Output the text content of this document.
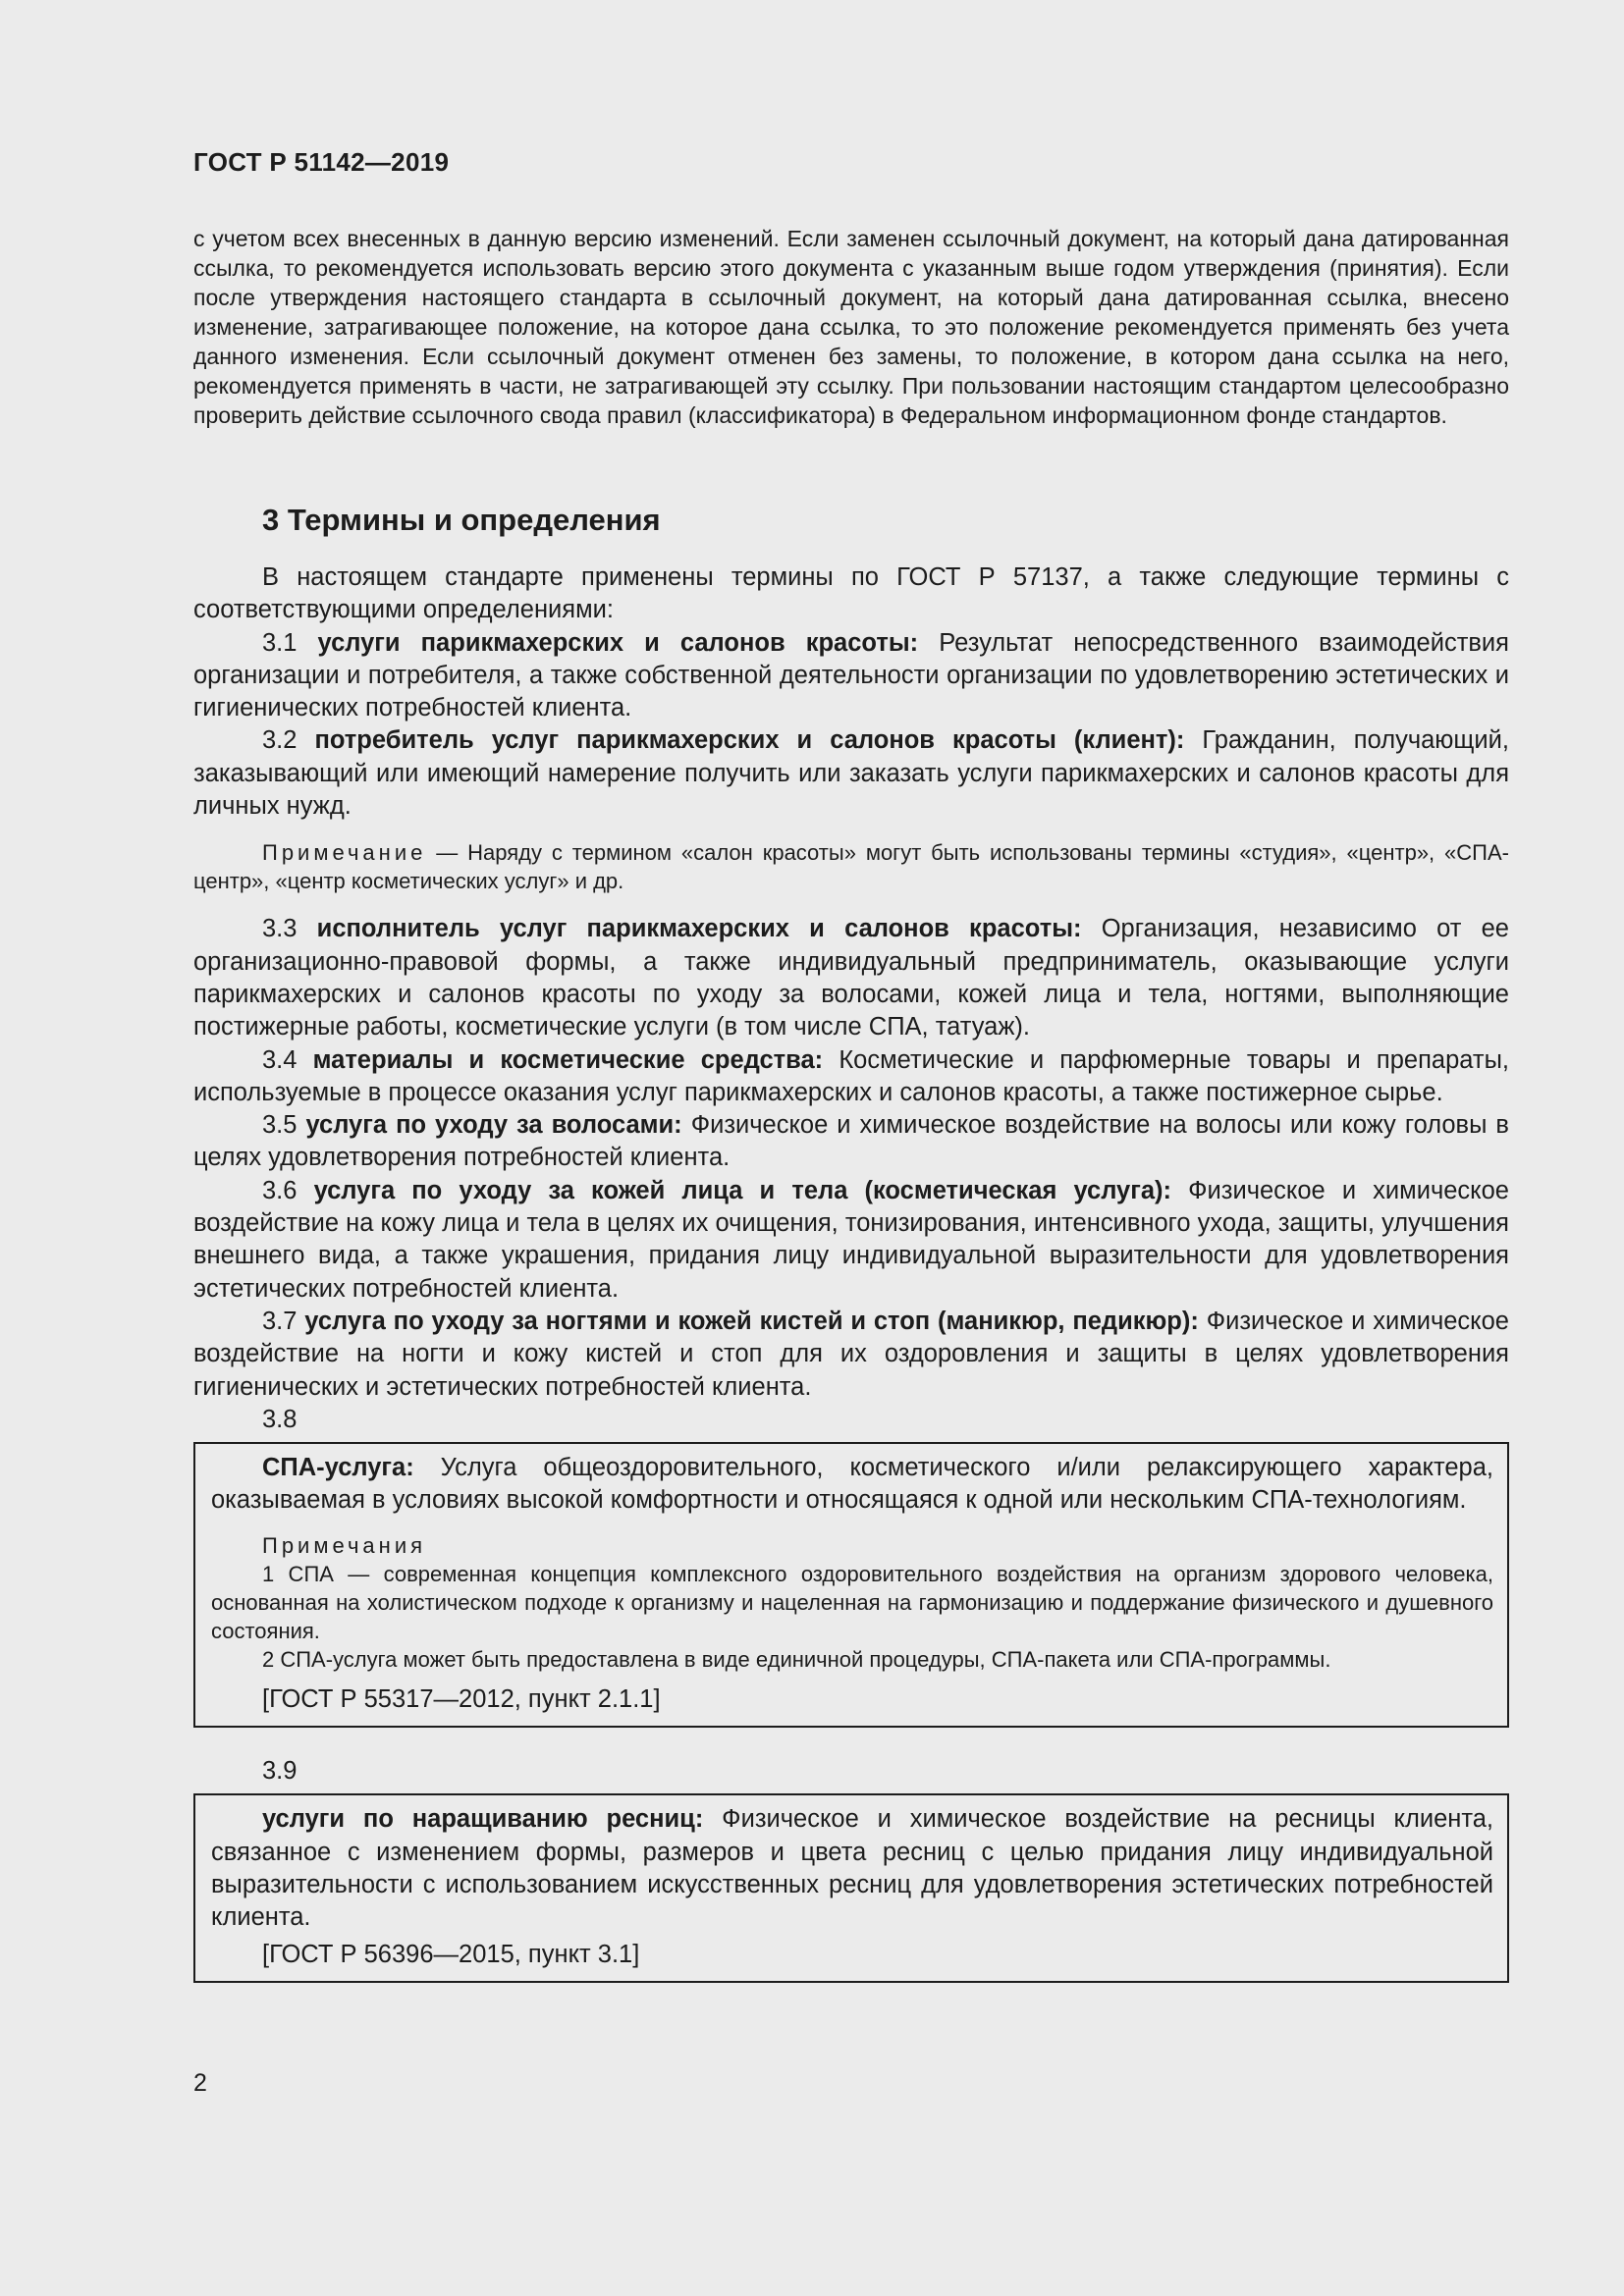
ГОСТ Р 51142—2019
с учетом всех внесенных в данную версию изменений. Если заменен ссылочный документ, на который дана датированная ссылка, то рекомендуется использовать версию этого документа с указанным выше годом утверждения (принятия). Если после утверждения настоящего стандарта в ссылочный документ, на который дана датированная ссылка, внесено изменение, затрагивающее положение, на которое дана ссылка, то это положение рекомендуется применять без учета данного изменения. Если ссылочный документ отменен без замены, то положение, в котором дана ссылка на него, рекомендуется применять в части, не затрагивающей эту ссылку. При пользовании настоящим стандартом целесообразно проверить действие ссылочного свода правил (классификатора) в Федеральном информационном фонде стандартов.
3 Термины и определения

В настоящем стандарте применены термины по ГОСТ Р 57137, а также следующие термины с соответствующими определениями:

3.1 услуги парикмахерских и салонов красоты: Результат непосредственного взаимодействия организации и потребителя, а также собственной деятельности организации по удовлетворению эстетических и гигиенических потребностей клиента.

3.2 потребитель услуг парикмахерских и салонов красоты (клиент): Гражданин, получающий, заказывающий или имеющий намерение получить или заказать услуги парикмахерских и салонов красоты для личных нужд.

Примечание — Наряду с термином «салон красоты» могут быть использованы термины «студия», «центр», «СПА-центр», «центр косметических услуг» и др.

3.3 исполнитель услуг парикмахерских и салонов красоты: Организация, независимо от ее организационно-правовой формы, а также индивидуальный предприниматель, оказывающие услуги парикмахерских и салонов красоты по уходу за волосами, кожей лица и тела, ногтями, выполняющие постижерные работы, косметические услуги (в том числе СПА, татуаж).

3.4 материалы и косметические средства: Косметические и парфюмерные товары и препараты, используемые в процессе оказания услуг парикмахерских и салонов красоты, а также постижерное сырье.

3.5 услуга по уходу за волосами: Физическое и химическое воздействие на волосы или кожу головы в целях удовлетворения потребностей клиента.

3.6 услуга по уходу за кожей лица и тела (косметическая услуга): Физическое и химическое воздействие на кожу лица и тела в целях их очищения, тонизирования, интенсивного ухода, защиты, улучшения внешнего вида, а также украшения, придания лицу индивидуальной выразительности для удовлетворения эстетических потребностей клиента.

3.7 услуга по уходу за ногтями и кожей кистей и стоп (маникюр, педикюр): Физическое и химическое воздействие на ногти и кожу кистей и стоп для их оздоровления и защиты в целях удовлетворения гигиенических и эстетических потребностей клиента.

3.8

СПА-услуга: Услуга общеоздоровительного, косметического и/или релаксирующего характера, оказываемая в условиях высокой комфортности и относящаяся к одной или нескольким СПА-технологиям.

Примечания

1 СПА — современная концепция комплексного оздоровительного воздействия на организм здорового человека, основанная на холистическом подходе к организму и нацеленная на гармонизацию и поддержание физического и душевного состояния.

2 СПА-услуга может быть предоставлена в виде единичной процедуры, СПА-пакета или СПА-программы.

[ГОСТ Р 55317—2012, пункт 2.1.1]

3.9

услуги по наращиванию ресниц: Физическое и химическое воздействие на ресницы клиента, связанное с изменением формы, размеров и цвета ресниц с целью придания лицу индивидуальной выразительности с использованием искусственных ресниц для удовлетворения эстетических потребностей клиента.

[ГОСТ Р 56396—2015, пункт 3.1]

2
